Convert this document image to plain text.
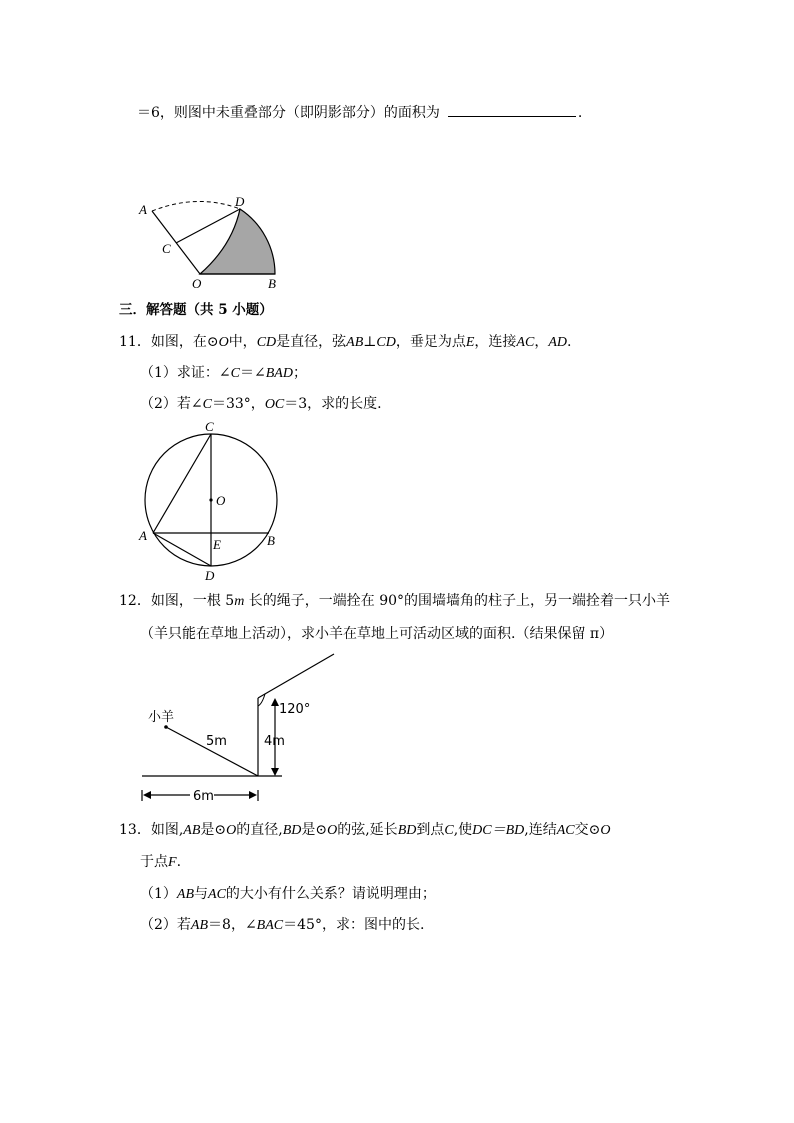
＝6，则图中未重叠部分（即阴影部分）的面积为	.
A
C
D
O	B
三．解答题（共 5 小题）
11．如图，在⊙O中，CD是直径，弦AB⊥CD，垂足为点E，连接AC，AD.
（1）求证：∠C＝∠BAD；
（2）若∠C＝33°，OC＝3，求的长度.
C
O
A
E	B
D
12．如图，一根 5m 长的绳子，一端拴在 90°的围墙墙角的柱子上，另一端拴着一只小羊
（羊只能在草地上活动），求小羊在草地上可活动区域的面积.（结果保留 π）
小羊
5m	4m
6m
120°
13．如图,AB是⊙O的直径,BD是⊙O的弦,延长BD到点C,使DC＝BD,连结AC交⊙O
于点F.
（1）AB与AC的大小有什么关系？请说明理由；
（2）若AB＝8，∠BAC＝45°，求：图中的长.
